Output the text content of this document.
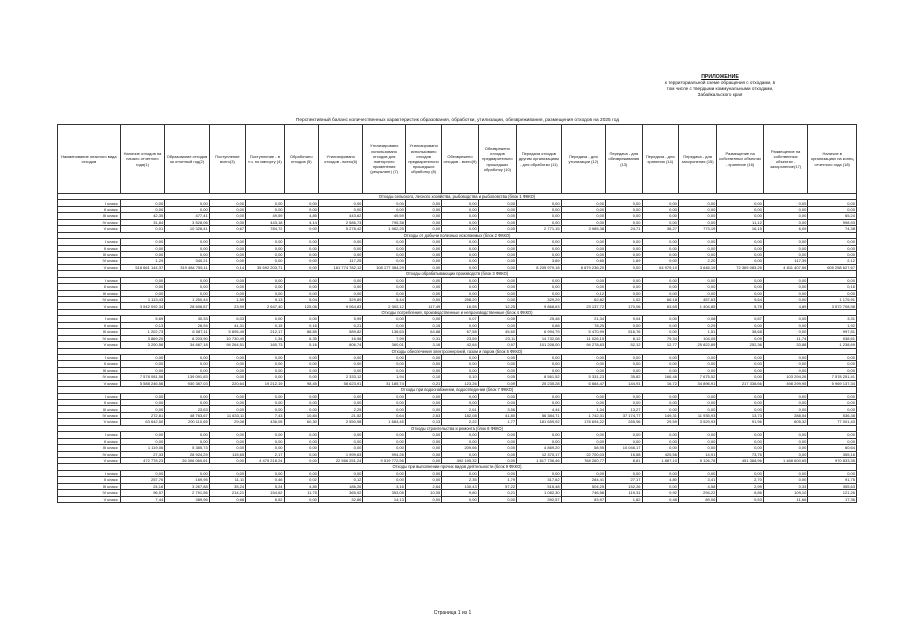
ПРИЛОЖЕНИЕ
к территориальной схеме обращения с отходами, в
том числе с твердыми коммунальными отходами,
Забайкальского края
Перспективный баланс количественных характеристик образования, обработки, утилизации, обезвреживания, размещения отходов на 2025 год
Наименование опасного вида отходов	Наличие отходов на начало отчетного года(1)	Образование отходов за отчетный год(2)	Поступление всего(3)	Поступление - в т.ч. по импорту (4)	Обработано отходов (5)	Утилизировано отходов - всего(6)	Утилизировано использовано отходов для повторного применения (рециклинг) (7)	Утилизировано использовано отходов предварительно прошедших обработку (8)	Обезврежено отходов - всего(9)	Обезврежено отходов предварительно прошедших обработку (10)	Передача отходов другим организациям - для обработки (11)	Передача - для утилизации (12)	Передача - для обезвреживания (13)	Передача - для хранения (14)	Передача - для захоронения (15)	Размещение на собственных объектах - хранение (16)	Размещение на собственных объектах - захоронение(17)	Наличие в организациях на конец отчетного года (18)
Отходы сельского, лесного хозяйства, рыбоводства и рыболовства (блок 1 ФККО)																		
I класс	0,00	0,00	0,00	0,00	0,00	0,00	0,00	0,00	0,00	0,00	0,00	0,00	0,00	0,00	0,00	0,00	0,00	0,00
II класс	0,00	0,00	0,00	0,00	0,00	0,00	0,00	0,00	0,00	0,00	0,00	0,00	0,00	0,00	0,00	0,00	0,00	0,00
III класс	42,35	477,41	0,00	49,59	4,85	443,62	49,59	0,00	0,00	0,00	0,00	0,00	0,00	0,00	0,00	0,00	0,00	65,24
IV класс	31,84	3 528,06	0,00	443,18	4,14	2 586,73	795,38	0,00	0,00	0,00	0,00	0,00	0,00	0,00	0,00	11,12	0,00	998,93
V класс	0,01	10 328,41	0,67	784,72	0,00	5 278,42	1 962,25	0,00	0,00	0,00	2 771,15	3 985,38	24,71	38,27	773,19	16,15	6,09	74,38
Отходы от добычи полезных ископаемых (блок 2 ФККО)																		
I класс	0,00	0,00	0,00	0,00	0,00	0,00	0,00	0,00	0,00	0,00	0,00	0,00	0,00	0,00	0,00	0,00	0,00	0,00
II класс	0,00	0,00	0,00	0,00	0,00	0,00	0,00	0,00	0,00	0,00	0,00	0,00	0,00	0,00	0,00	0,00	0,00	0,00
III класс	0,00	0,00	0,00	0,00	0,00	0,00	0,00	0,00	0,00	0,00	0,00	0,00	0,00	0,00	0,00	0,00	0,00	0,00
IV класс	1,29	340,21	0,00	0,00	0,00	117,25	0,00	0,00	0,00	0,00	3,89	0,65	1,69	0,00	2,20	0,00	117,39	2,12
V класс	516 661 144,37	319 484 755,11	0,14	35 592 203,71	0,00	181 774 782,12	108 177 384,29	0,00	0,00	0,00	8 235 979,18	8 879 236,20	0,00	64 979,10	3 646,19	72 369 083,26	4 811 407,56	609 258 627,67
Отходы обрабатывающих производств (блок 3 ФККО)																		
I класс	0,00	0,00	0,00	0,00	0,00	0,00	0,00	0,00	0,00	0,00	0,00	0,00	0,00	0,00	0,00	0,00	0,00	0,00
II класс	0,00	0,00	0,00	0,00	0,00	0,00	0,00	0,00	0,00	0,00	0,00	0,00	0,00	0,00	0,00	0,00	0,00	0,16
III класс	0,00	0,00	0,00	0,00	0,00	0,00	0,00	0,00	0,00	0,00	0,00	0,12	0,00	0,00	0,00	0,00	0,00	0,00
IV класс	1 113,43	1 250,44	1,59	9,13	5,04	329,89	5,44	0,00	298,20	0,00	329,29	62,82	1,02	66,18	457,63	9,64	0,00	1 175,91
V класс	3 542 092,34	28 608,87	23,99	2 647,40	125,06	9 064,83	2 302,12	117,49	16,55	12,25	9 868,63	23 137,72	170,06	63,65	1 404,85	5,78	4,89	3 572 708,98
Отходы потребления, производственные и непроизводственные (блок 4 ФККО)																		
I класс	5,69	30,33	6,03	0,00	0,00	5,99	0,00	0,00	0,07	0,00	25,48	21,34	9,04	0,00	0,08	0,87	0,00	3,31
II класс	0,13	28,94	41,31	0,15	0,16	0,21	0,00	0,15	0,00	0,00	0,68	78,25	0,00	0,00	0,29	0,00	0,00	1,92
III класс	1 202,73	6 087,11	5 895,49	212,17	88,85	589,82	136,63	64,88	67,58	45,60	6 994,79	5 470,99	516,76	0,00	1,51	38,68	0,00	997,51
IV класс	3 869,20	8 203,90	10 730,49	1,34	6,35	16,98	7,99	0,31	23,59	23,11	14 732,08	11 026,15	8,12	79,34	104,05	0,09	11,74	538,61
V класс	3 200,56	34 667,18	94 264,51	160,73	5,16	806,74	360,01	3,16	42,64	0,97	101 208,00	94 278,83	52,12	12,77	25 822,89	252,36	33,88	1 238,69
Отходы обеспечения электроэнергией, газом и паром (блок 6 ФККО)																		
I класс	0,00	0,00	0,00	0,00	0,00	0,00	0,00	0,00	0,00	0,00	0,00	0,00	0,00	0,00	0,00	0,00	0,00	0,00
II класс	0,00	0,00	0,00	0,00	0,00	0,00	0,00	0,00	0,00	0,00	0,00	0,00	0,00	0,00	0,00	0,00	0,00	0,00
III класс	0,00	0,00	0,00	0,00	0,00	0,00	0,00	0,00	0,00	0,00	0,00	0,00	0,00	0,00	0,00	0,00	0,00	0,00
IV класс	7 578 081,56	139 091,83	0,00	0,00	0,00	2 333,12	1,94	0,10	0,10	0,05	8 561,52	5 331,23	35,82	166,46	7 675,52	0,00	103 294,26	7 578 251,41
V класс	5 588 246,56	930 387,03	220,64	19 212,19	98,45	58 623,91	31 185,74	0,21	123,26	0,09	25 235,28	6 684,47	144,91	16,72	34 896,91	217 338,66	498 299,95	5 969 137,34
Отходы при водоснабжении, водоотведении (блок 7 ФККО)																		
I класс	0,00	0,00	0,00	0,00	0,00	0,00	0,00	0,00	0,00	0,00	0,00	0,00	0,00	0,00	0,00	0,00	0,00	0,00
II класс	0,00	0,00	0,00	0,00	0,00	0,00	0,00	0,00	0,00	0,00	0,00	0,00	0,00	0,00	0,00	0,00	0,00	0,00
III класс	0,00	23,63	0,00	0,00	0,00	2,25	0,00	0,00	2,61	3,56	4,44	1,34	13,27	0,00	0,00	0,00	0,00	0,00
IV класс	272,81	48 763,67	11 633,11	7,43	10,84	21,52	0,64	2,63	182,08	41,80	56 384,71	1 742,31	37 174,77	149,31	11 935,93	13,73	288,54	536,38
V класс	63 642,50	200 110,65	29,08	436,05	60,30	2 550,98	1 684,45	0,13	2,22	1,77	181 659,92	178 694,22	265,96	29,59	3 529,93	91,96	605,32	77 001,43
Отходы строительства и ремонта (блок 8 ФККО)																		
I класс	0,00	0,00	0,00	0,00	0,00	0,00	0,00	0,00	0,00	0,00	0,00	0,00	0,00	0,00	0,00	0,00	0,00	0,00
II класс	0,00	0,00	0,00	0,00	0,00	0,00	0,00	0,00	0,00	0,00	0,00	0,00	0,00	0,00	0,00	0,00	0,00	0,00
III класс	1 119,06	5 385,73	0,00	0,00	0,00	0,00	0,00	0,00	209,66	0,00	4 869,20	58,95	10 046,17	0,00	0,00	0,00	0,00	60,64
IV класс	27,33	28 924,29	115,65	2,17	0,00	1 999,63	994,26	0,00	0,00	0,00	12 370,17	22 700,03	15,58	425,56	14,91	73,76	0,00	355,16
V класс	472 778,23	26 306 060,61	0,00	4 475 218,24	0,00	22 566 251,24	9 519 772,56	0,00	492 195,32	0,00	1 617 736,46	768 260,77	8,81	1 887,10	5 126,78	451 368,96	1 468 600,65	970 833,35
Отходы при выполнении прочих видов деятельности (блок 9 ФККО)																		
I класс	0,00	0,00	0,00	0,00	0,00	0,00	0,00	0,00	0,00	0,00	0,00	0,00	0,00	0,00	0,00	0,00	0,00	0,00
II класс	257,76	169,95	11,11	0,46	0,02	0,12	0,00	0,00	2,35	1,79	317,62	284,41	27,17	4,80	3,41	2,70	0,00	91,75
III класс	24,16	3 267,88	35,24	5,24	4,85	186,26	3,16	2,64	130,43	57,22	516,48	504,25	152,26	0,00	4,58	2,99	0,33	355,63
IV класс	96,57	2 791,56	214,21	154,62	11,75	365,92	353,05	10,05	9,80	0,21	1 082,30	746,58	119,31	0,92	294,22	6,86	109,10	121,26
V класс	7,44	389,96	0,68	6,52	0,00	32,86	14,13	0,00	0,00	0,00	392,57	83,97	1,82	0,48	89,06	0,53	11,66	17,36
Страница 1 из 1
